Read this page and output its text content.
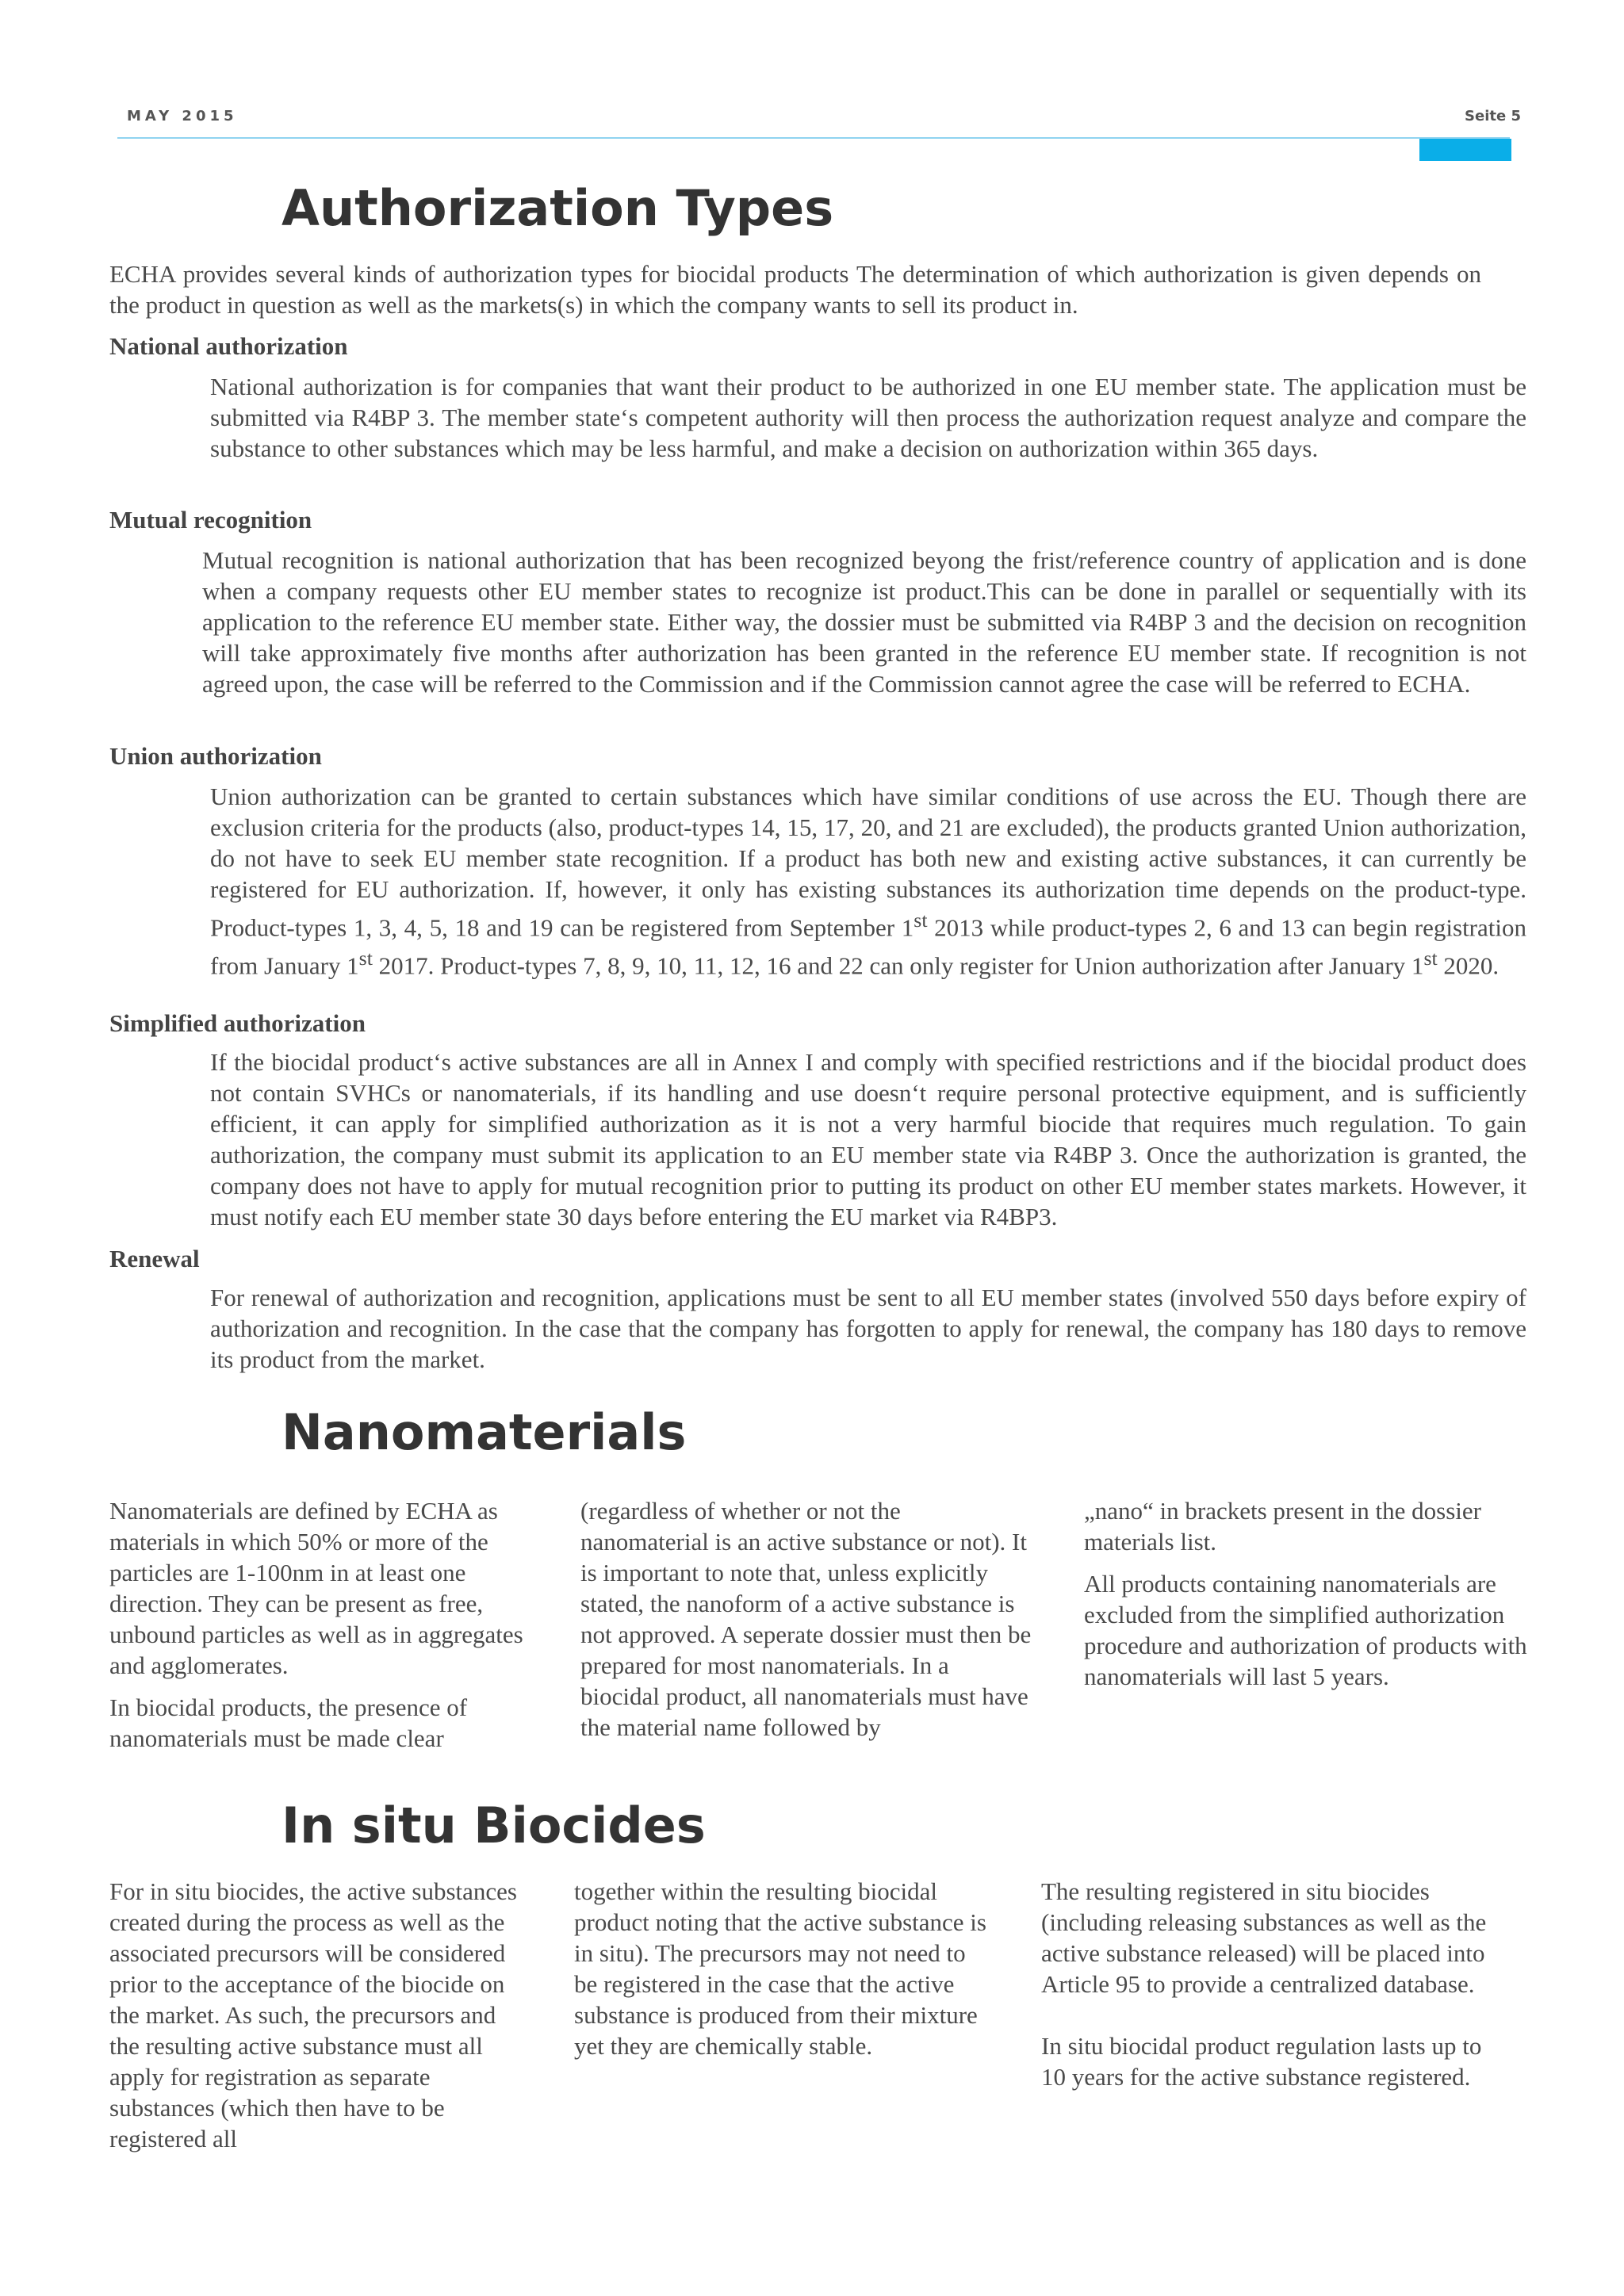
MAY 2015	Seite 5
Authorization Types
ECHA provides several kinds of authorization types for biocidal products The determination of which authorization is given depends on the product in question as well as the markets(s) in which the company wants to sell its product in.
National authorization
National authorization is for companies that want their product to be authorized in one EU member state. The application must be submitted via R4BP 3. The member state‘s competent authority will then process the authorization request analyze and compare the substance to other substances which may be less harmful, and make a decision on authorization within 365 days.
Mutual recognition
Mutual recognition is national authorization that has been recognized beyong the frist/reference country of application and is done when a company requests other EU member states to recognize ist product.This can be done in parallel or sequentially with its application to the reference EU member state. Either way, the dossier must be submitted via R4BP 3 and the decision on recognition will take approximately five months after authorization has been granted in the reference EU member state. If recognition is not agreed upon, the case will be referred to the Commission and if the Commission cannot agree the case will be referred to ECHA.
Union authorization
Union authorization can be granted to certain substances which have similar conditions of use across the EU. Though there are exclusion criteria for the products (also, product-types 14, 15, 17, 20, and 21 are excluded), the products granted Union authorization, do not have to seek EU member state recognition. If a product has both new and existing active substances, it can currently be registered for EU authorization. If, however, it only has existing substances its authorization time depends on the product-type. Product-types 1, 3, 4, 5, 18 and 19 can be registered from September 1st 2013 while product-types 2, 6 and 13 can begin registration from January 1st 2017. Product-types 7, 8, 9, 10, 11, 12, 16 and 22 can only register for Union authorization after January 1st 2020.
Simplified authorization
If the biocidal product‘s active substances are all in Annex I and comply with specified restrictions and if the biocidal product does not contain SVHCs or nanomaterials, if its handling and use doesn‘t require personal protective equipment, and is sufficiently efficient, it can apply for simplified authorization as it is not a very harmful biocide that requires much regulation. To gain authorization, the company must submit its application to an EU member state via R4BP 3. Once the authorization is granted, the company does not have to apply for mutual recognition prior to putting its product on other EU member states markets. However, it must notify each EU member state 30 days before entering the EU market via R4BP3.
Renewal
For renewal of authorization and recognition, applications must be sent to all EU member states (involved 550 days before expiry of authorization and recognition. In the case that the company has forgotten to apply for renewal, the company has 180 days to remove its product from the market.
Nanomaterials

Nanomaterials are defined by ECHA as materials in which 50% or more of the particles are 1-100nm in at least one direction. They can be present as free, unbound particles as well as in aggregates and agglomerates.

In biocidal products, the presence of nanomaterials must be made clear

(regardless of whether or not the nanomaterial is an active substance or not). It is important to note that, unless explicitly stated, the nanoform of a active substance is not approved. A seperate dossier must then be prepared for most nanomaterials. In a biocidal product, all nanomaterials must have the material name followed by

„nano“ in brackets present in the dossier materials list.

All products containing nanomaterials are excluded from the simplified authorization procedure and authorization of products with nanomaterials will last 5 years.

In situ Biocides

For in situ biocides, the active substances created during the process as well as the associated precursors will be considered prior to the acceptance of the biocide on the market. As such, the precursors and the resulting active substance must all apply for registration as separate substances (which then have to be registered all

together within the resulting biocidal product noting that the active substance is in situ). The precursors may not need to be registered in the case that the active substance is produced from their mixture yet they are chemically stable.

The resulting registered in situ biocides (including releasing substances as well as the active substance released) will be placed into Article 95 to provide a centralized database.

In situ biocidal product regulation lasts up to 10 years for the active substance registered.
